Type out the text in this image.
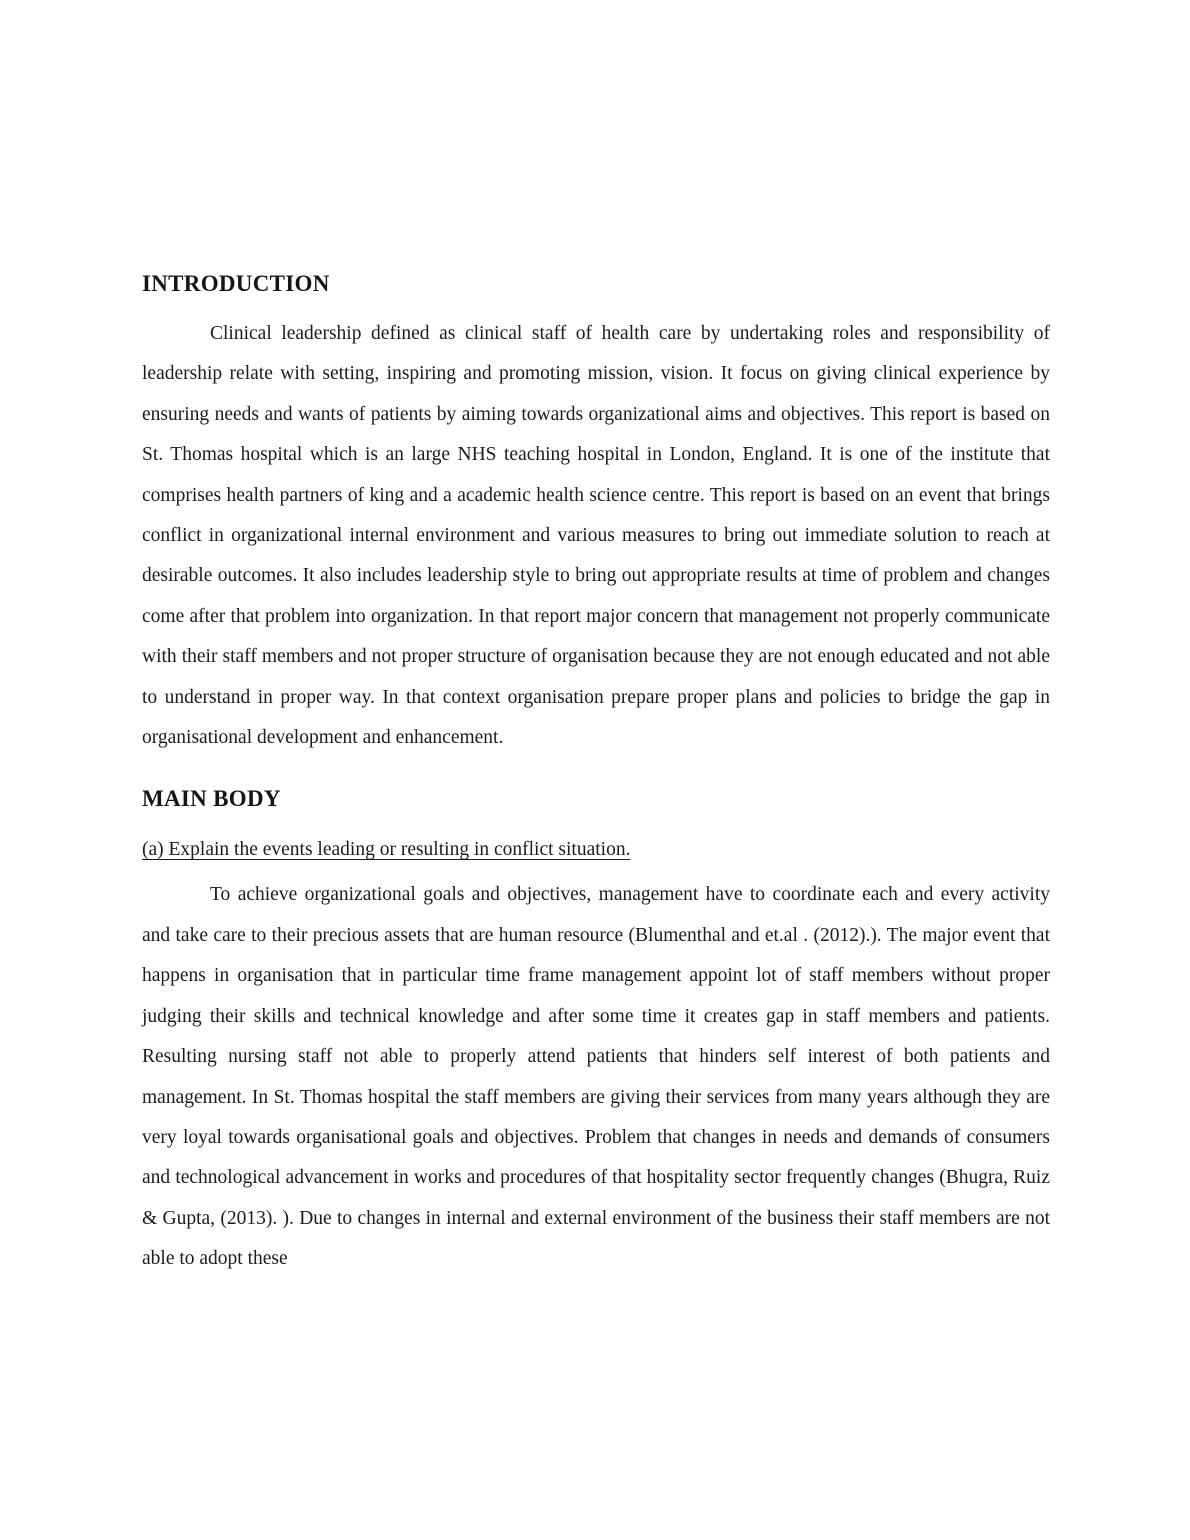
INTRODUCTION

Clinical leadership defined as clinical staff of health care by undertaking roles and responsibility of leadership relate with setting, inspiring and promoting mission, vision. It focus on giving clinical experience by ensuring needs and wants of patients by aiming towards organizational aims and objectives. This report is based on St. Thomas hospital which is an large NHS teaching hospital in London, England. It is one of the institute that comprises health partners of king and a academic health science centre. This report is based on an event that brings conflict in organizational internal environment and various measures to bring out immediate solution to reach at desirable outcomes. It also includes leadership style to bring out appropriate results at time of problem and changes come after that problem into organization. In that report major concern that management not properly communicate with their staff members and not proper structure of organisation because they are not enough educated and not able to understand in proper way. In that context organisation prepare proper plans and policies to bridge the gap in organisational development and enhancement.

MAIN BODY

(a) Explain the events leading or resulting in conflict situation.

To achieve organizational goals and objectives, management have to coordinate each and every activity and take care to their precious assets that are human resource (Blumenthal and et.al . (2012).). The major event that happens in organisation that in particular time frame management appoint lot of staff members without proper judging their skills and technical knowledge and after some time it creates gap in staff members and patients. Resulting nursing staff not able to properly attend patients that hinders self interest of both patients and management. In St. Thomas hospital the staff members are giving their services from many years although they are very loyal towards organisational goals and objectives. Problem that changes in needs and demands of consumers and technological advancement in works and procedures of that hospitality sector frequently changes (Bhugra, Ruiz & Gupta, (2013). ). Due to changes in internal and external environment of the business their staff members are not able to adopt these
